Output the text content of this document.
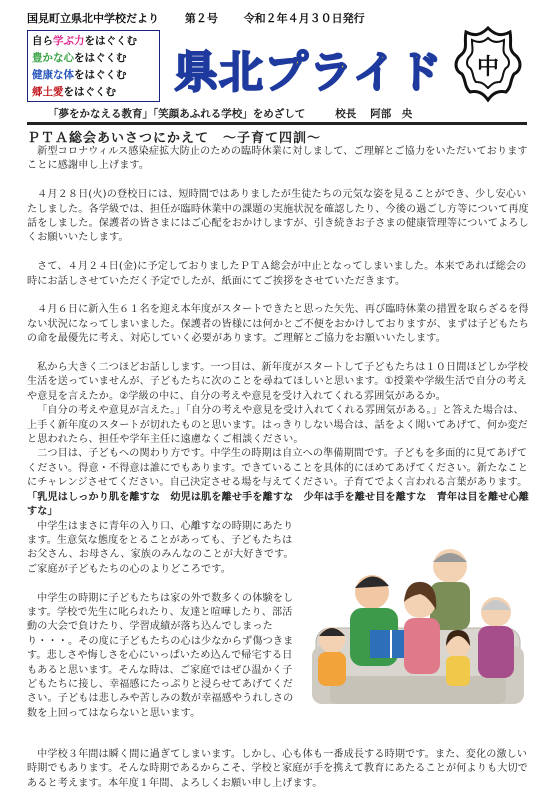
国見町立県北中学校だより 第２号 令和２年４月３０日発行
自ら学ぶ力をはぐくむ
豊かな心をはぐくむ
健康な体をはぐくむ
郷土愛をはぐくむ	県北プライド 中
「夢をかなえる教育」「笑顔あふれる学校」をめざして	校長 阿部　央
ＰＴＡ総会あいさつにかえて　～子育て四訓～

新型コロナウィルス感染症拡大防止のための臨時休業に対しまして、ご理解とご協力をいただいておりますことに感謝申し上げます。

４月２８日(火)の登校日には、短時間ではありましたが生徒たちの元気な姿を見ることができ、少し安心いたしました。各学級では、担任が臨時休業中の課題の実施状況を確認したり、今後の過ごし方等について再度話をしました。保護者の皆さまにはご心配をおかけしますが、引き続きお子さまの健康管理等についてよろしくお願いいたします。

さて、４月２４日(金)に予定しておりましたＰＴＡ総会が中止となってしまいました。本来であれば総会の時にお話しさせていただく予定でしたが、紙面にてご挨拶をさせていただきます。

４月６日に新入生６１名を迎え本年度がスタートできたと思った矢先、再び臨時休業の措置を取らざるを得ない状況になってしまいました。保護者の皆様には何かとご不便をおかけしておりますが、まずは子どもたちの命を最優先に考え、対応していく必要があります。ご理解とご協力をお願いいたします。

私から大きく二つほどお話しします。一つ目は、新年度がスタートして子どもたちは１０日間ほどしか学校生活を送っていませんが、子どもたちに次のことを尋ねてほしいと思います。①授業や学級生活で自分の考えや意見を言えたか。②学級の中に、自分の考えや意見を受け入れてくれる雰囲気があるか。

「自分の考えや意見が言えた。」「自分の考えや意見を受け入れてくれる雰囲気がある。」と答えた場合は、上手く新年度のスタートが切れたものと思います。はっきりしない場合は、話をよく聞いてあげて、何か変だと思われたら、担任や学年主任に遠慮なくご相談ください。

二つ目は、子どもへの関わり方です。中学生の時期は自立への準備期間です。子どもを多面的に見てあげてください。得意・不得意は誰にでもあります。できていることを具体的にほめてあげてください。新たなことにチャレンジさせてください。自己決定させる場を与えてください。子育てでよく言われる言葉があります。「乳児はしっかり肌を離すな　幼児は肌を離せ手を離すな　少年は手を離せ目を離すな　青年は目を離せ心離すな」

中学生はまさに青年の入り口、心離すなの時期にあたります。生意気な態度をとることがあっても、子どもたちはお父さん、お母さん、家族のみんなのことが大好きです。ご家庭が子どもたちの心のよりどころです。

中学生の時期に子どもたちは家の外で数多くの体験をします。学校で先生に叱られたり、友達と喧嘩したり、部活動の大会で負けたり、学習成績が落ち込んでしまったり・・・。その度に子どもたちの心は少なからず傷つきます。悲しさや悔しさを心にいっぱいため込んで帰宅する日もあると思います。そんな時は、ご家庭ではぜひ温かく子どもたちに接し、幸福感にたっぷりと浸らせてあげてください。子どもは悲しみや苦しみの数が幸福感やうれしさの数を上回ってはならないと思います。

中学校３年間は瞬く間に過ぎてしまいます。しかし、心も体も一番成長する時期です。また、変化の激しい時期でもあります。そんな時期であるからこそ、学校と家庭が手を携えて教育にあたることが何よりも大切であると考えます。本年度１年間、よろしくお願い申し上げます。
